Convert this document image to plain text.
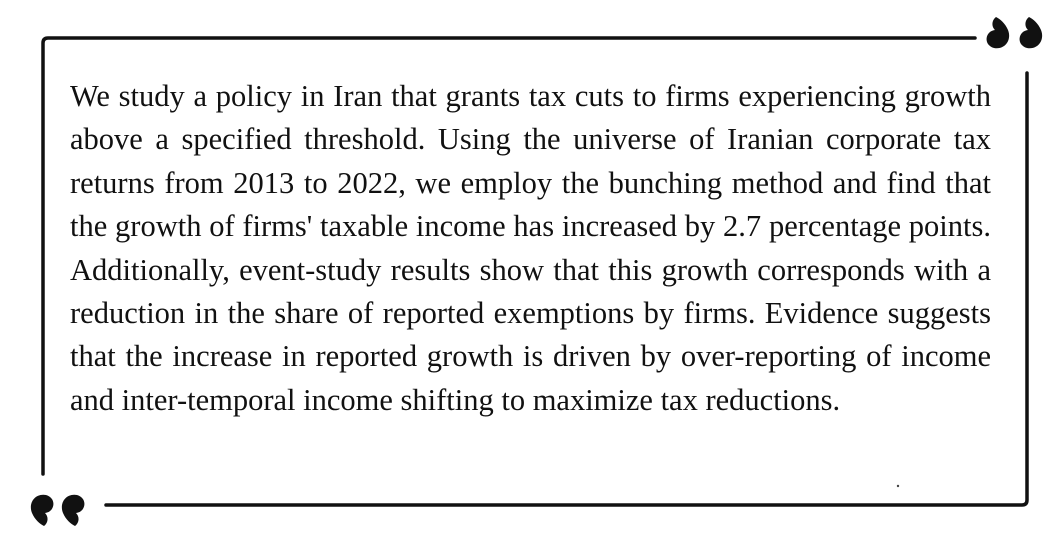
We study a policy in Iran that grants tax cuts to firms experiencing growth above a specified threshold. Using the universe of Iranian corporate tax returns from 2013 to 2022, we employ the bunching method and find that the growth of firms' taxable income has increased by 2.7 percentage points. Additionally, event-study results show that this growth corresponds with a reduction in the share of reported exemptions by firms. Evidence suggests that the increase in reported growth is driven by over-reporting of income and inter-temporal income shifting to maximize tax reductions.
